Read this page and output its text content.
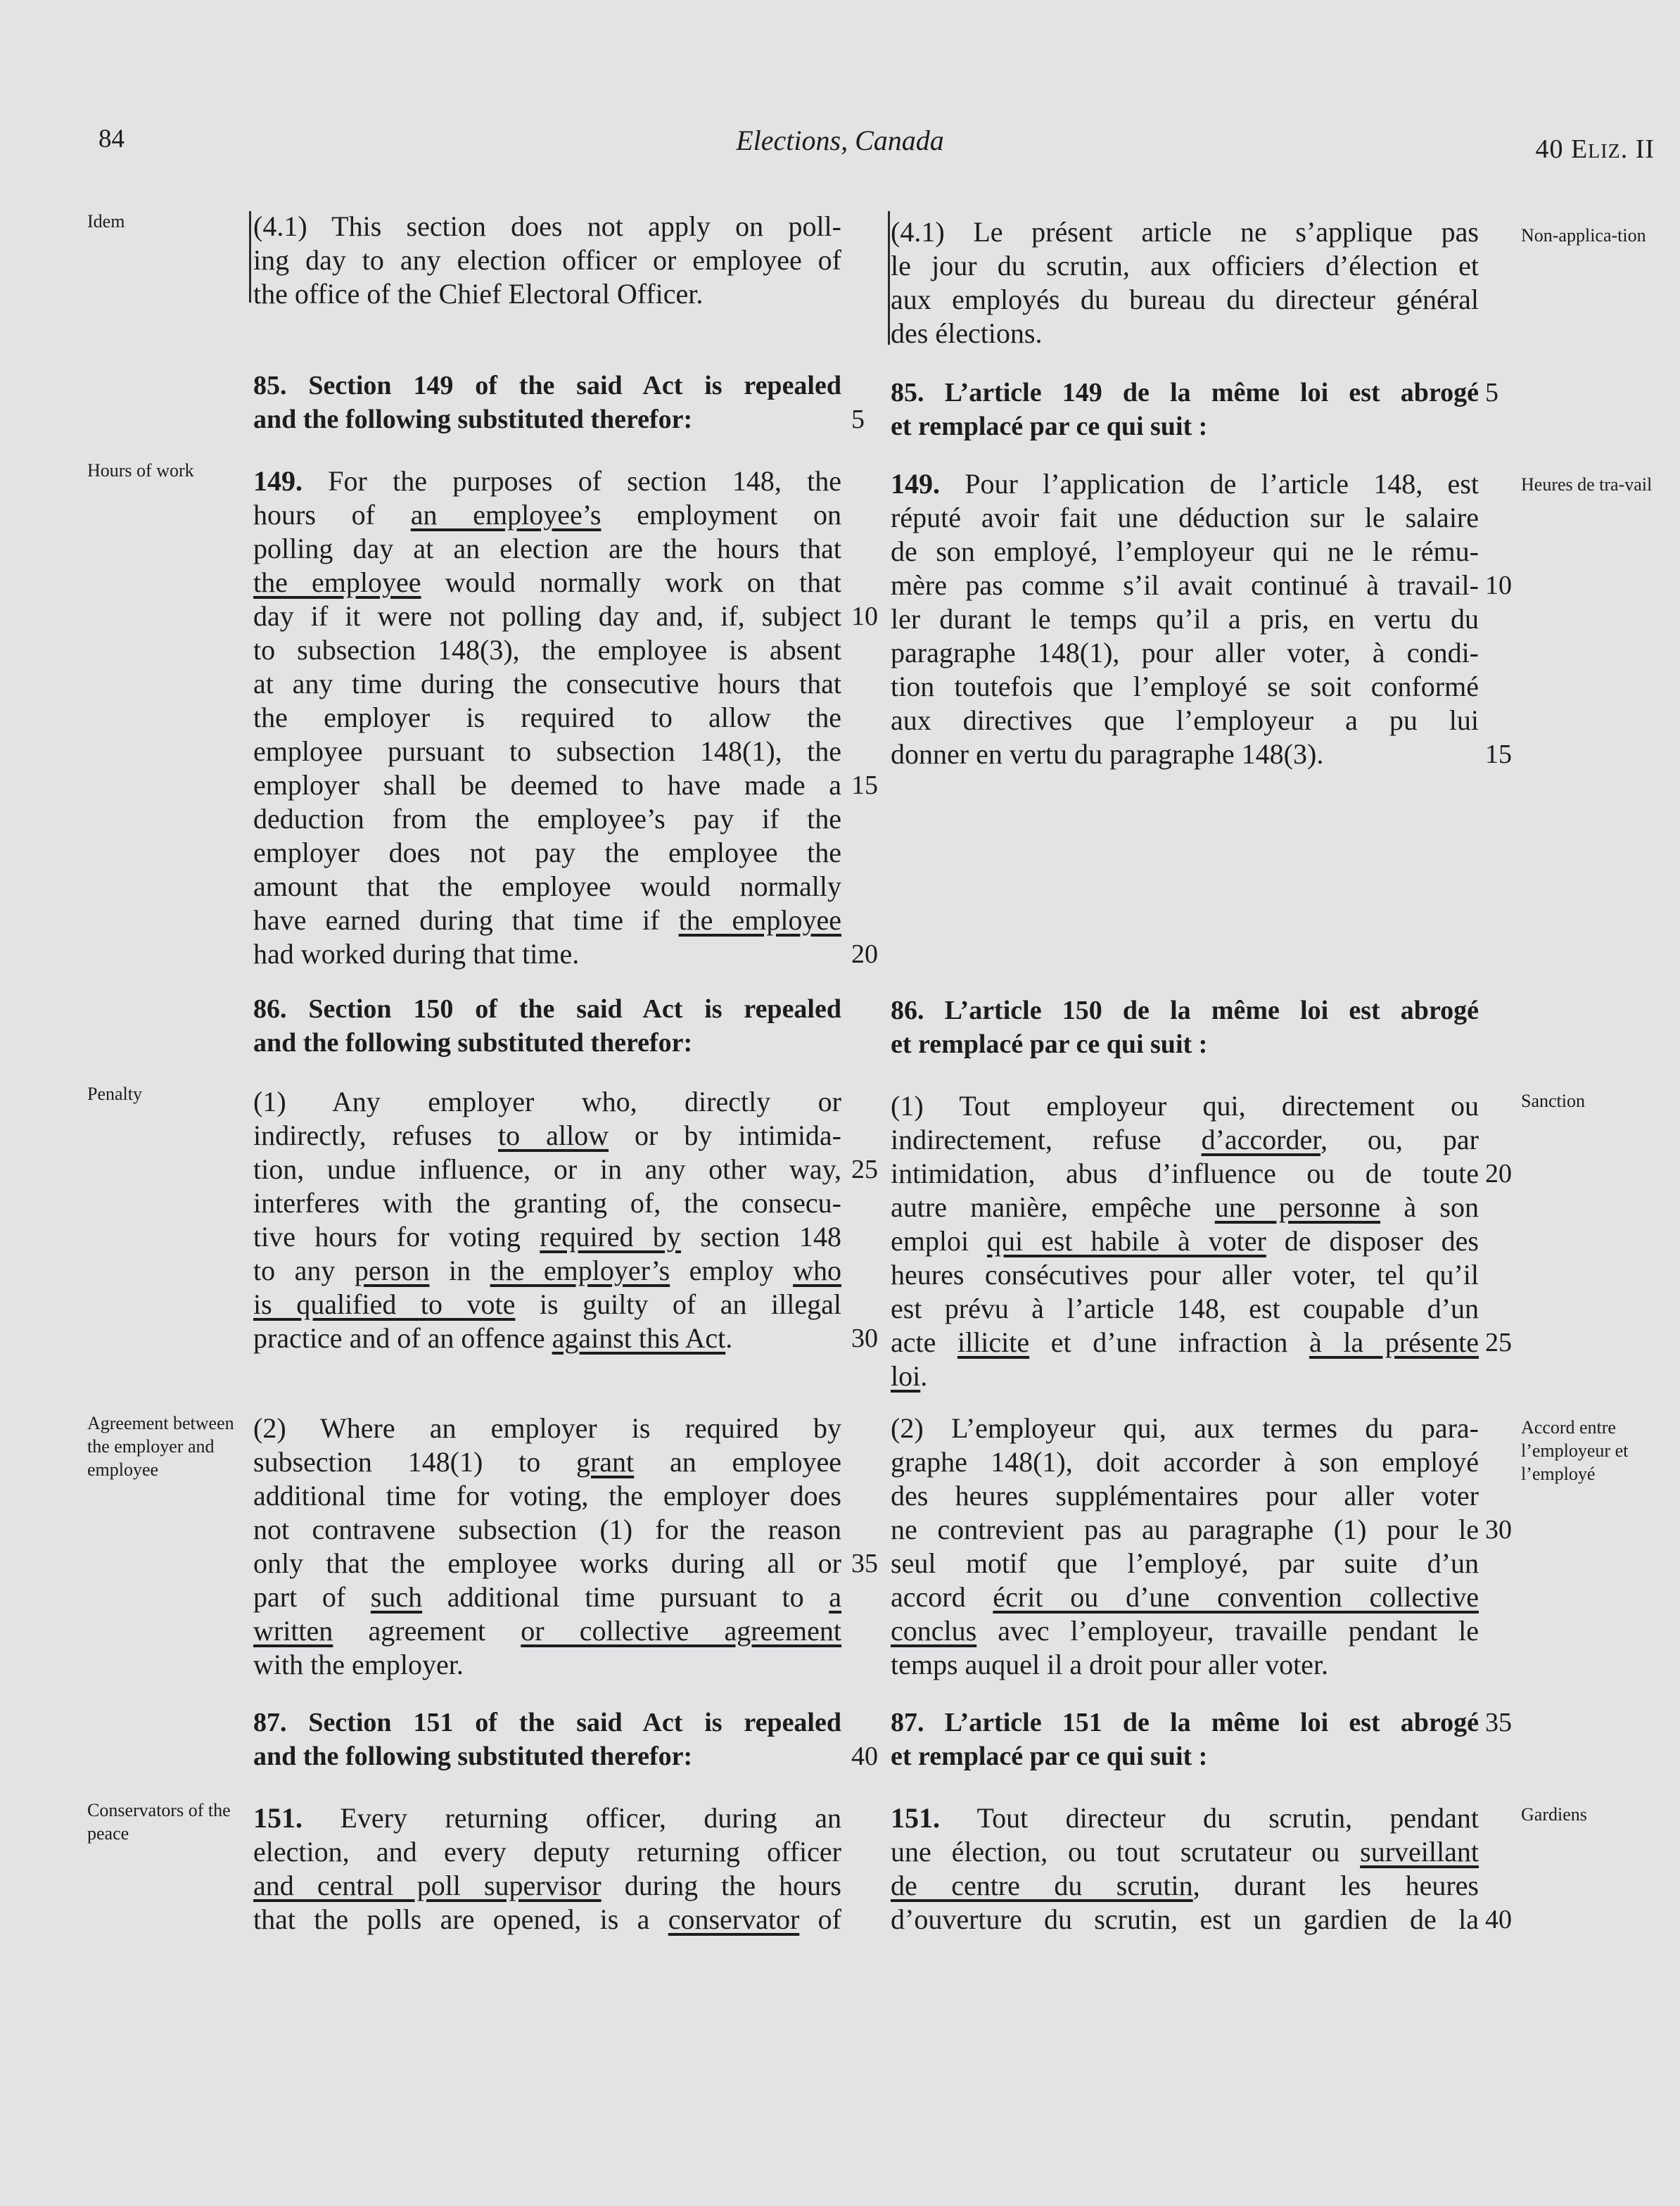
84	Elections, Canada	40 ELIZ. II
Idem
Hours of work
Penalty
Agreement between the employer and employee
Conservators of the peace
Non-applica-tion
Heures de tra-vail
Sanction
Accord entre l’employeur et l’employé
Gardiens
(4.1) This section does not apply on poll-
ing day to any election officer or employee of
the office of the Chief Electoral Officer.
85. Section 149 of the said Act is repealed
and the following substituted therefor:
149. For the purposes of section 148, the
hours of an employee’s employment on
polling day at an election are the hours that
the employee would normally work on that
day if it were not polling day and, if, subject
to subsection 148(3), the employee is absent
at any time during the consecutive hours that
the employer is required to allow the
employee pursuant to subsection 148(1), the
employer shall be deemed to have made a
deduction from the employee’s pay if the
employer does not pay the employee the
amount that the employee would normally
have earned during that time if the employee
had worked during that time.
86. Section 150 of the said Act is repealed
and the following substituted therefor:
(1) Any employer who, directly or
indirectly, refuses to allow or by intimida-
tion, undue influence, or in any other way,
interferes with the granting of, the consecu-
tive hours for voting required by section 148
to any person in the employer’s employ who
is qualified to vote is guilty of an illegal
practice and of an offence against this Act.
(2) Where an employer is required by
subsection 148(1) to grant an employee
additional time for voting, the employer does
not contravene subsection (1) for the reason
only that the employee works during all or
part of such additional time pursuant to a
written agreement or collective agreement
with the employer.
87. Section 151 of the said Act is repealed
and the following substituted therefor:
151. Every returning officer, during an
election, and every deputy returning officer
and central poll supervisor during the hours
that the polls are opened, is a conservator of
5
10
15
20
25
30
35
40
(4.1) Le présent article ne s’applique pas
le jour du scrutin, aux officiers d’élection et
aux employés du bureau du directeur général
des élections.
85. L’article 149 de la même loi est abrogé
et remplacé par ce qui suit :
149. Pour l’application de l’article 148, est
réputé avoir fait une déduction sur le salaire
de son employé, l’employeur qui ne le rému-
mère pas comme s’il avait continué à travail-
ler durant le temps qu’il a pris, en vertu du
paragraphe 148(1), pour aller voter, à condi-
tion toutefois que l’employé se soit conformé
aux directives que l’employeur a pu lui
donner en vertu du paragraphe 148(3).
86. L’article 150 de la même loi est abrogé
et remplacé par ce qui suit :
(1) Tout employeur qui, directement ou
indirectement, refuse d’accorder, ou, par
intimidation, abus d’influence ou de toute
autre manière, empêche une personne à son
emploi qui est habile à voter de disposer des
heures consécutives pour aller voter, tel qu’il
est prévu à l’article 148, est coupable d’un
acte illicite et d’une infraction à la présente
loi.
(2) L’employeur qui, aux termes du para-
graphe 148(1), doit accorder à son employé
des heures supplémentaires pour aller voter
ne contrevient pas au paragraphe (1) pour le
seul motif que l’employé, par suite d’un
accord écrit ou d’une convention collective
conclus avec l’employeur, travaille pendant le
temps auquel il a droit pour aller voter.
87. L’article 151 de la même loi est abrogé
et remplacé par ce qui suit :
151. Tout directeur du scrutin, pendant
une élection, ou tout scrutateur ou surveillant
de centre du scrutin, durant les heures
d’ouverture du scrutin, est un gardien de la
5
10
15
20
25
30
35
40
